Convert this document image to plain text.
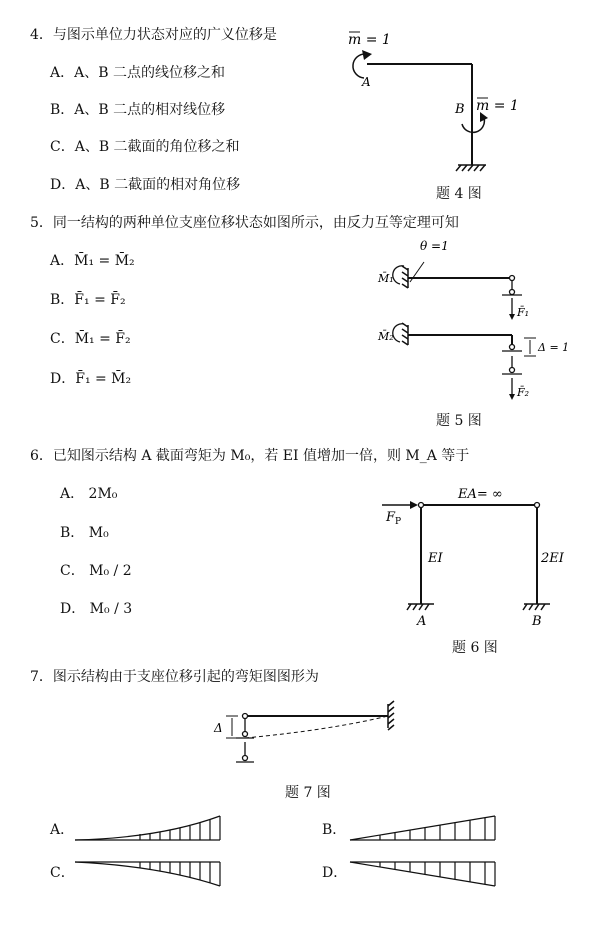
4．与图示单位力状态对应的广义位移是
A．A、B 二点的线位移之和
B．A、B 二点的相对线位移
C．A、B 二截面的角位移之和
D．A、B 二截面的相对角位移
m = 1
A
B m = 1
θ =1
M̄₁
F̄₁
M̄₂
F̄₂
Δ = 1
$F_P$
EA= ∞
EI	2EI
A	B
Δ
题 4 图
5．同一结构的两种单位支座位移状态如图所示，由反力互等定理可知
A．M̄₁ = M̄₂
B．F̄₁ = F̄₂
C．M̄₁ = F̄₂
D．F̄₁ = M̄₂
题 5 图
6．已知图示结构 A 截面弯矩为 M₀，若 EI 值增加一倍，则 M_A 等于
A． 2M₀
B． M₀
C． M₀ / 2
D． M₀ / 3
题 6 图
7．图示结构由于支座位移引起的弯矩图图形为
题 7 图
A．	B．
C．	D．
